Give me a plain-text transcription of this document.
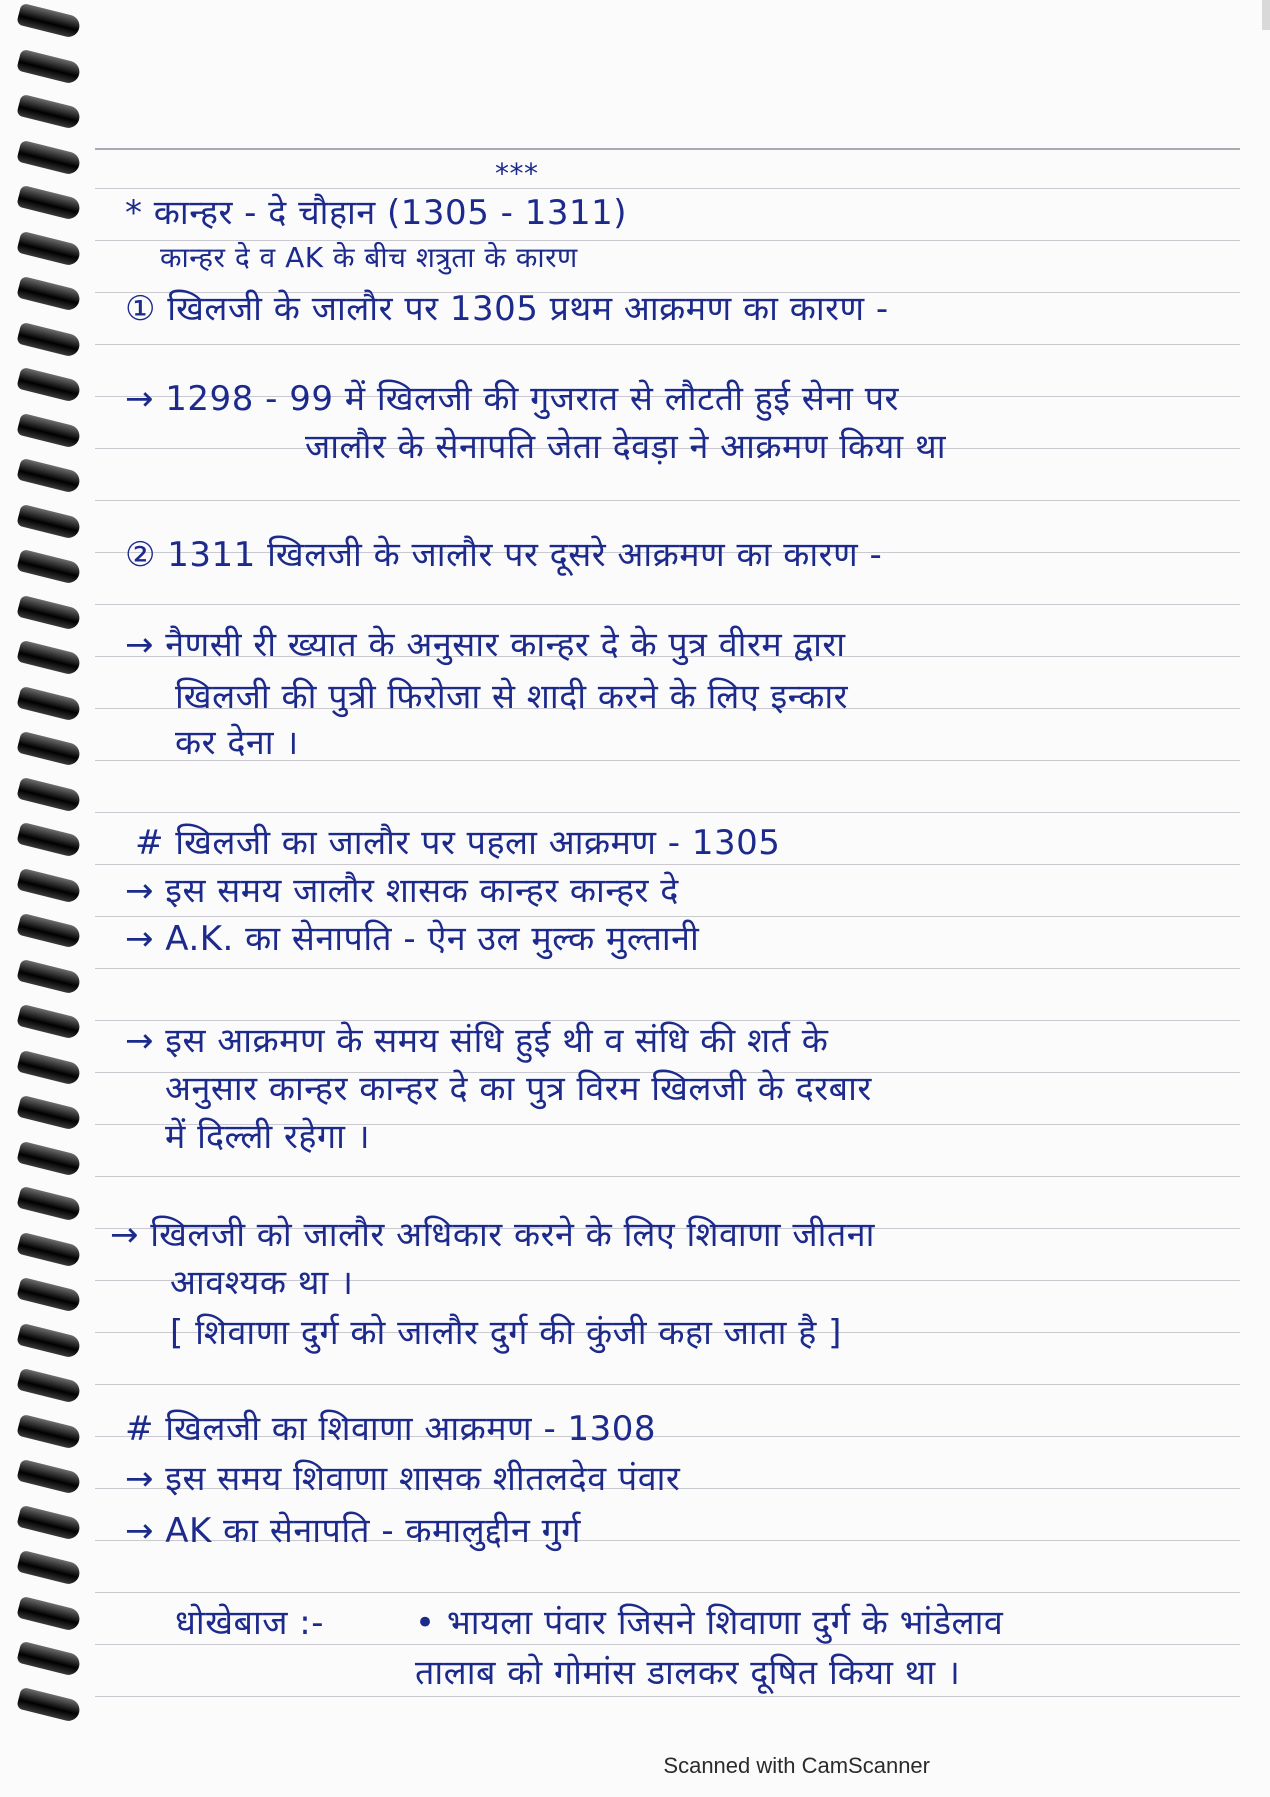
***
* कान्हर - दे चौहान (1305 - 1311)
कान्हर दे व AK के बीच शत्रुता के कारण
① खिलजी के जालौर पर 1305 प्रथम आक्रमण का कारण -
→ 1298 - 99 में खिलजी की गुजरात से लौटती हुई सेना पर
जालौर के सेनापति जेता देवड़ा ने आक्रमण किया था
② 1311 खिलजी के जालौर पर दूसरे आक्रमण का कारण -
→ नैणसी री ख्यात के अनुसार कान्हर दे के पुत्र वीरम द्वारा
खिलजी की पुत्री फिरोजा से शादी करने के लिए इन्कार
कर देना ।
# खिलजी का जालौर पर पहला आक्रमण - 1305
→ इस समय जालौर शासक कान्हर कान्हर दे
→ A.K. का सेनापति - ऐन उल मुल्क मुल्तानी
→ इस आक्रमण के समय संधि हुई थी व संधि की शर्त के
अनुसार कान्हर कान्हर दे का पुत्र विरम खिलजी के दरबार
में दिल्ली रहेगा ।
→ खिलजी को जालौर अधिकार करने के लिए शिवाणा जीतना
आवश्यक था ।
[ शिवाणा दुर्ग को जालौर दुर्ग की कुंजी कहा जाता है ]
# खिलजी का शिवाणा आक्रमण - 1308
→ इस समय शिवाणा शासक शीतलदेव पंवार
→ AK का सेनापति - कमालुद्दीन गुर्ग
धोखेबाज :-	• भायला पंवार जिसने शिवाणा दुर्ग के भांडेलाव
तालाब को गोमांस डालकर दूषित किया था ।
Scanned with CamScanner
